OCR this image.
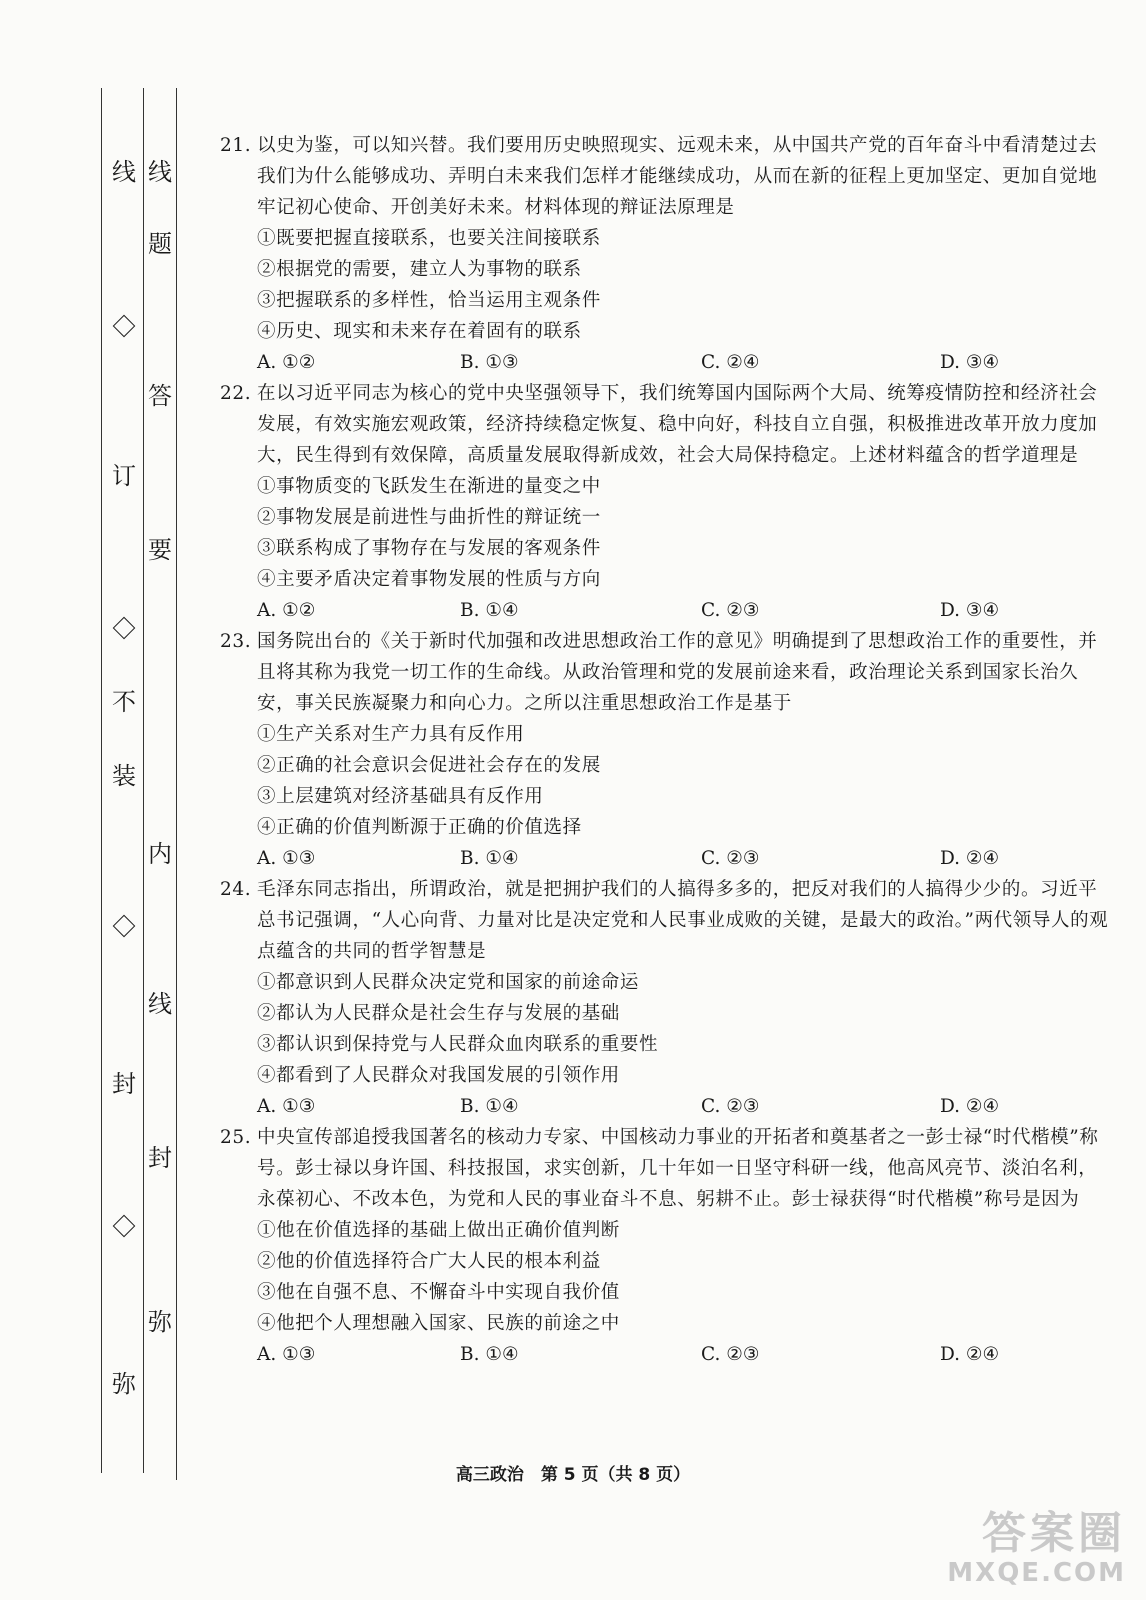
弥
封
线 线
题
答
要
内
线
封
弥
订
不
装
21. 以史为鉴，可以知兴替。我们要用历史映照现实、远观未来，从中国共产党的百年奋斗中看清楚过去我们为什么能够成功、弄明白未来我们怎样才能继续成功，从而在新的征程上更加坚定、更加自觉地牢记初心使命、开创美好未来。材料体现的辩证法原理是
①既要把握直接联系，也要关注间接联系
②根据党的需要，建立人为事物的联系
③把握联系的多样性，恰当运用主观条件
④历史、现实和未来存在着固有的联系
A. ①②	B. ①③	C. ②④	D. ③④
22. 在以习近平同志为核心的党中央坚强领导下，我们统筹国内国际两个大局、统筹疫情防控和经济社会发展，有效实施宏观政策，经济持续稳定恢复、稳中向好，科技自立自强，积极推进改革开放力度加大，民生得到有效保障，高质量发展取得新成效，社会大局保持稳定。上述材料蕴含的哲学道理是
①事物质变的飞跃发生在渐进的量变之中
②事物发展是前进性与曲折性的辩证统一
③联系构成了事物存在与发展的客观条件
④主要矛盾决定着事物发展的性质与方向
A. ①②	B. ①④	C. ②③	D. ③④
23. 国务院出台的《关于新时代加强和改进思想政治工作的意见》明确提到了思想政治工作的重要性，并且将其称为我党一切工作的生命线。从政治管理和党的发展前途来看，政治理论关系到国家长治久安，事关民族凝聚力和向心力。之所以注重思想政治工作是基于
①生产关系对生产力具有反作用
②正确的社会意识会促进社会存在的发展
③上层建筑对经济基础具有反作用
④正确的价值判断源于正确的价值选择
A. ①③	B. ①④	C. ②③	D. ②④
24. 毛泽东同志指出，所谓政治，就是把拥护我们的人搞得多多的，把反对我们的人搞得少少的。习近平总书记强调，“人心向背、力量对比是决定党和人民事业成败的关键，是最大的政治。”两代领导人的观点蕴含的共同的哲学智慧是
①都意识到人民群众决定党和国家的前途命运
②都认为人民群众是社会生存与发展的基础
③都认识到保持党与人民群众血肉联系的重要性
④都看到了人民群众对我国发展的引领作用
A. ①③	B. ①④	C. ②③	D. ②④
25. 中央宣传部追授我国著名的核动力专家、中国核动力事业的开拓者和奠基者之一彭士禄“时代楷模”称号。彭士禄以身许国、科技报国，求实创新，几十年如一日坚守科研一线，他高风亮节、淡泊名利，永葆初心、不改本色，为党和人民的事业奋斗不息、躬耕不止。彭士禄获得“时代楷模”称号是因为
①他在价值选择的基础上做出正确价值判断
②他的价值选择符合广大人民的根本利益
③他在自强不息、不懈奋斗中实现自我价值
④他把个人理想融入国家、民族的前途之中
A. ①③	B. ①④	C. ②③	D. ②④
高三政治　第 5 页（共 8 页）
答案圈
MXQE.COM
